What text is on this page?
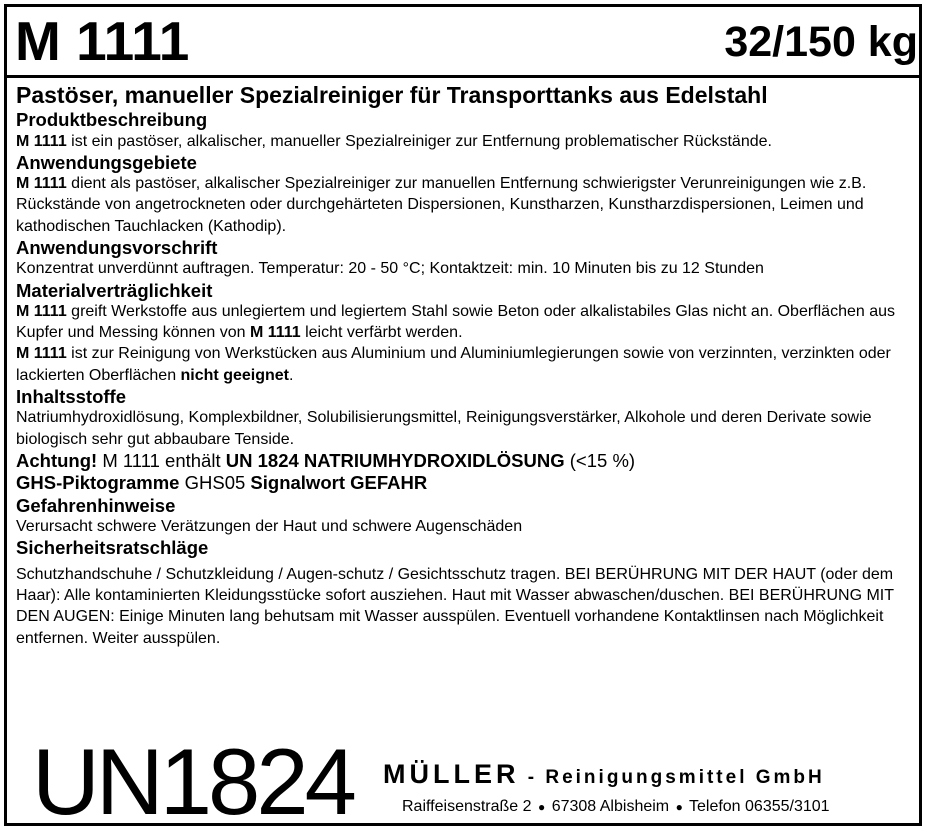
M 1111	32/150 kg
Pastöser, manueller Spezialreiniger für Transporttanks aus Edelstahl
Produktbeschreibung
M 1111 ist ein pastöser, alkalischer, manueller Spezialreiniger zur Entfernung problematischer Rückstände.
Anwendungsgebiete
M 1111 dient als pastöser, alkalischer Spezialreiniger zur manuellen Entfernung schwierigster Verunreinigungen wie z.B. Rückstände von angetrockneten oder durchgehärteten Dispersionen, Kunstharzen, Kunstharzdispersionen, Leimen und kathodischen Tauchlacken (Kathodip).
Anwendungsvorschrift
Konzentrat unverdünnt auftragen. Temperatur: 20 - 50 °C; Kontaktzeit: min. 10 Minuten bis zu 12 Stunden
Materialverträglichkeit
M 1111 greift Werkstoffe aus unlegiertem und legiertem Stahl sowie Beton oder alkalistabiles Glas nicht an. Oberflächen aus Kupfer und Messing können von M 1111 leicht verfärbt werden.
M 1111 ist zur Reinigung von Werkstücken aus Aluminium und Aluminiumlegierungen sowie von verzinnten, verzinkten oder lackierten Oberflächen nicht geeignet.
Inhaltsstoffe
Natriumhydroxidlösung, Komplexbildner, Solubilisierungsmittel, Reinigungsverstärker, Alkohole und deren Derivate sowie biologisch sehr gut abbaubare Tenside.
Achtung! M 1111 enthält UN 1824 NATRIUMHYDROXIDLÖSUNG (<15 %)
GHS-Piktogramme GHS05 Signalwort GEFAHR
Gefahrenhinweise
Verursacht schwere Verätzungen der Haut und schwere Augenschäden
Sicherheitsratschläge
Schutzhandschuhe / Schutzkleidung / Augen-schutz / Gesichtsschutz tragen. BEI BERÜHRUNG MIT DER HAUT (oder dem Haar): Alle kontaminierten Kleidungsstücke sofort ausziehen. Haut mit Wasser abwaschen/duschen. BEI BERÜHRUNG MIT DEN AUGEN: Einige Minuten lang behutsam mit Wasser ausspülen. Eventuell vorhandene Kontaktlinsen nach Möglichkeit entfernen. Weiter ausspülen.
UN1824 MÜLLER - Reinigungsmittel GmbH
Raiffeisenstraße 2 ● 67308 Albisheim ● Telefon 06355/3101
